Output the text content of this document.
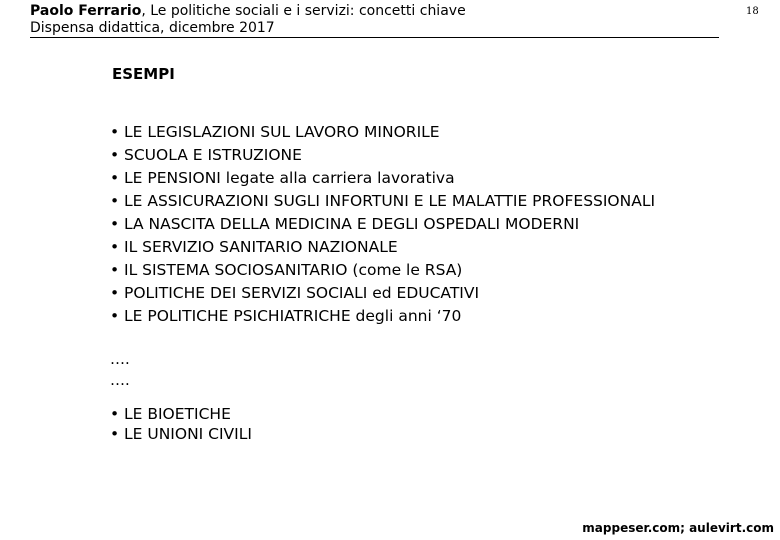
Paolo Ferrario, Le politiche sociali e i servizi: concetti chiave
Dispensa didattica, dicembre 2017
18
ESEMPI
• LE LEGISLAZIONI SUL LAVORO MINORILE
• SCUOLA E ISTRUZIONE
• LE PENSIONI legate alla carriera lavorativa
• LE ASSICURAZIONI SUGLI INFORTUNI E LE MALATTIE PROFESSIONALI
• LA NASCITA DELLA MEDICINA E DEGLI OSPEDALI MODERNI
• IL SERVIZIO SANITARIO NAZIONALE
• IL SISTEMA SOCIOSANITARIO (come le RSA)
• POLITICHE DEI SERVIZI SOCIALI ed EDUCATIVI
• LE POLITICHE PSICHIATRICHE degli anni ‘70
….
….
• LE BIOETICHE
• LE UNIONI CIVILI
mappeser.com; aulevirt.com
